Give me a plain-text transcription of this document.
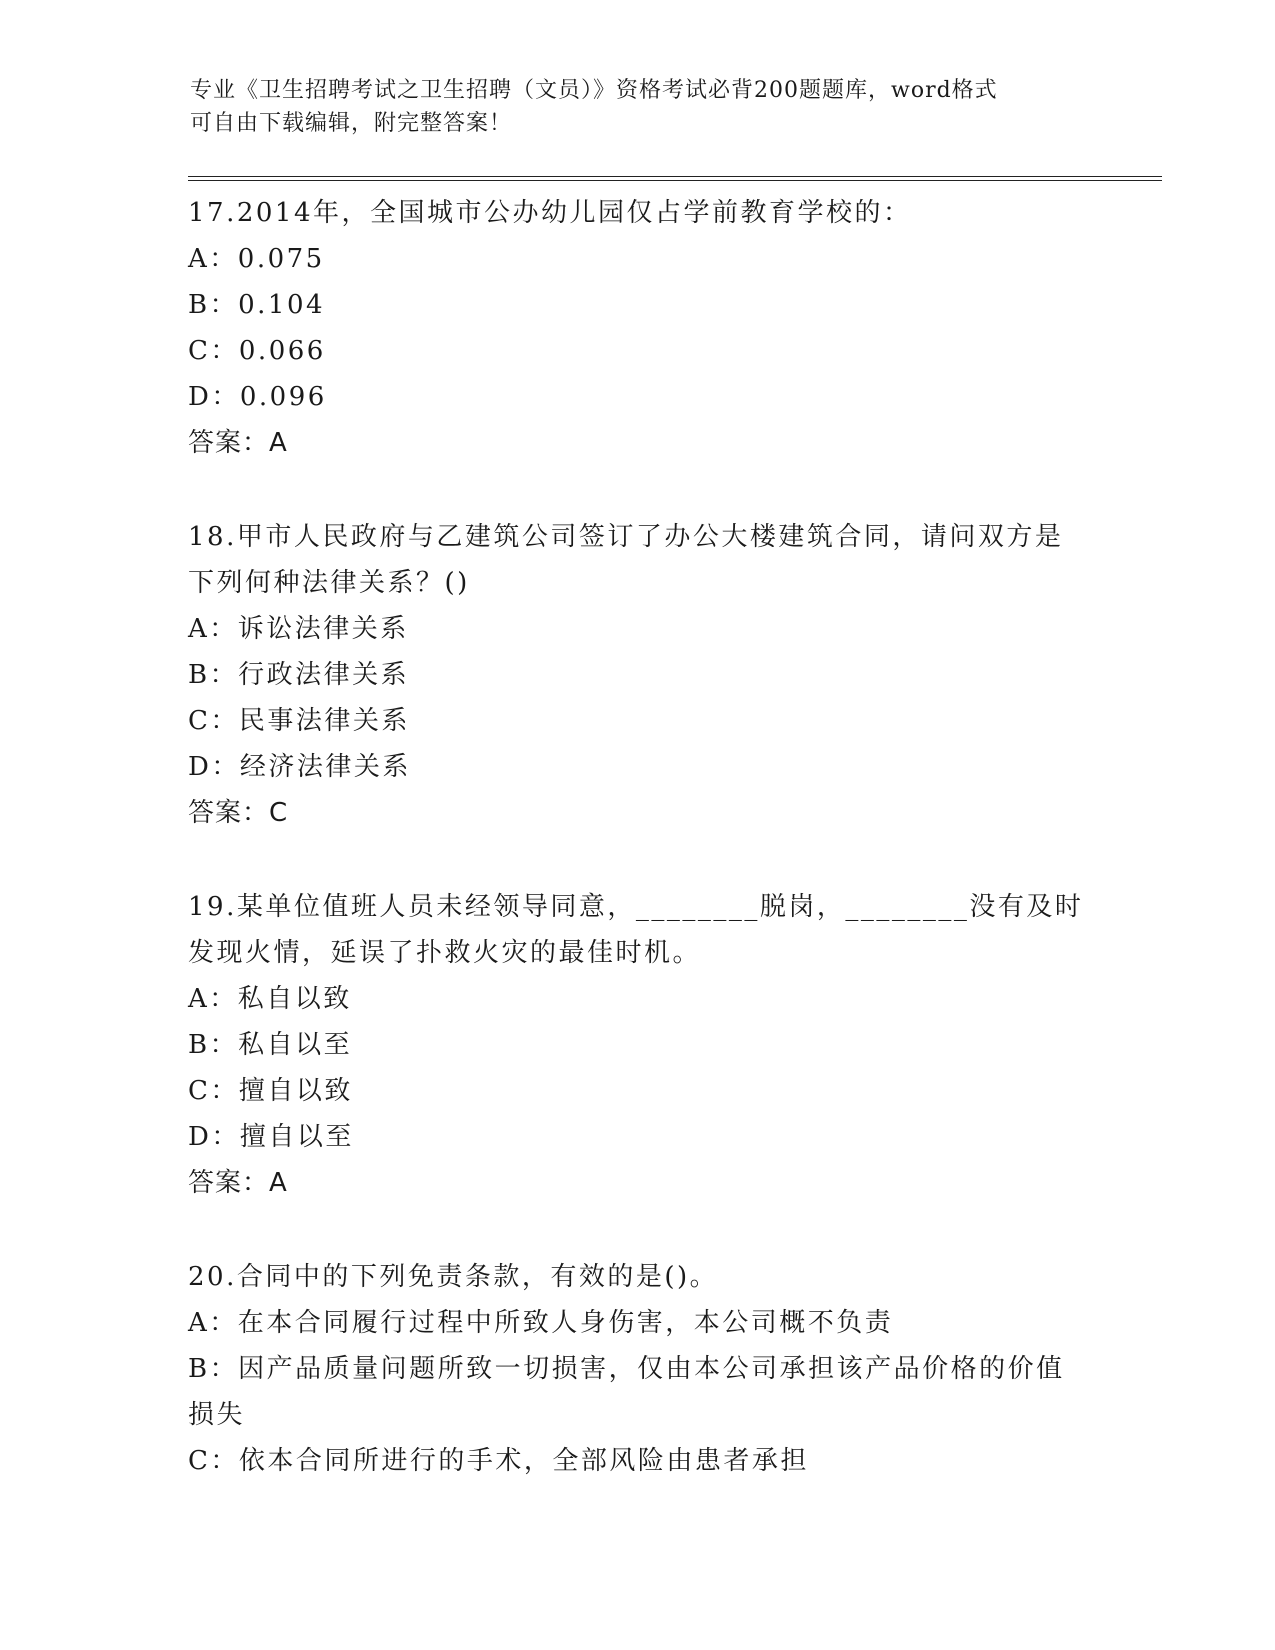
专业《卫生招聘考试之卫生招聘（文员）》资格考试必背200题题库，word格式
可自由下载编辑，附完整答案！
17.2014年，全国城市公办幼儿园仅占学前教育学校的：
A：0.075
B：0.104
C：0.066
D：0.096
答案：A
18.甲市人民政府与乙建筑公司签订了办公大楼建筑合同，请问双方是
下列何种法律关系？()
A：诉讼法律关系
B：行政法律关系
C：民事法律关系
D：经济法律关系
答案：C
19.某单位值班人员未经领导同意，________脱岗，________没有及时
发现火情，延误了扑救火灾的最佳时机。
A：私自以致
B：私自以至
C：擅自以致
D：擅自以至
答案：A
20.合同中的下列免责条款，有效的是()。
A：在本合同履行过程中所致人身伤害，本公司概不负责
B：因产品质量问题所致一切损害，仅由本公司承担该产品价格的价值
损失
C：依本合同所进行的手术，全部风险由患者承担
